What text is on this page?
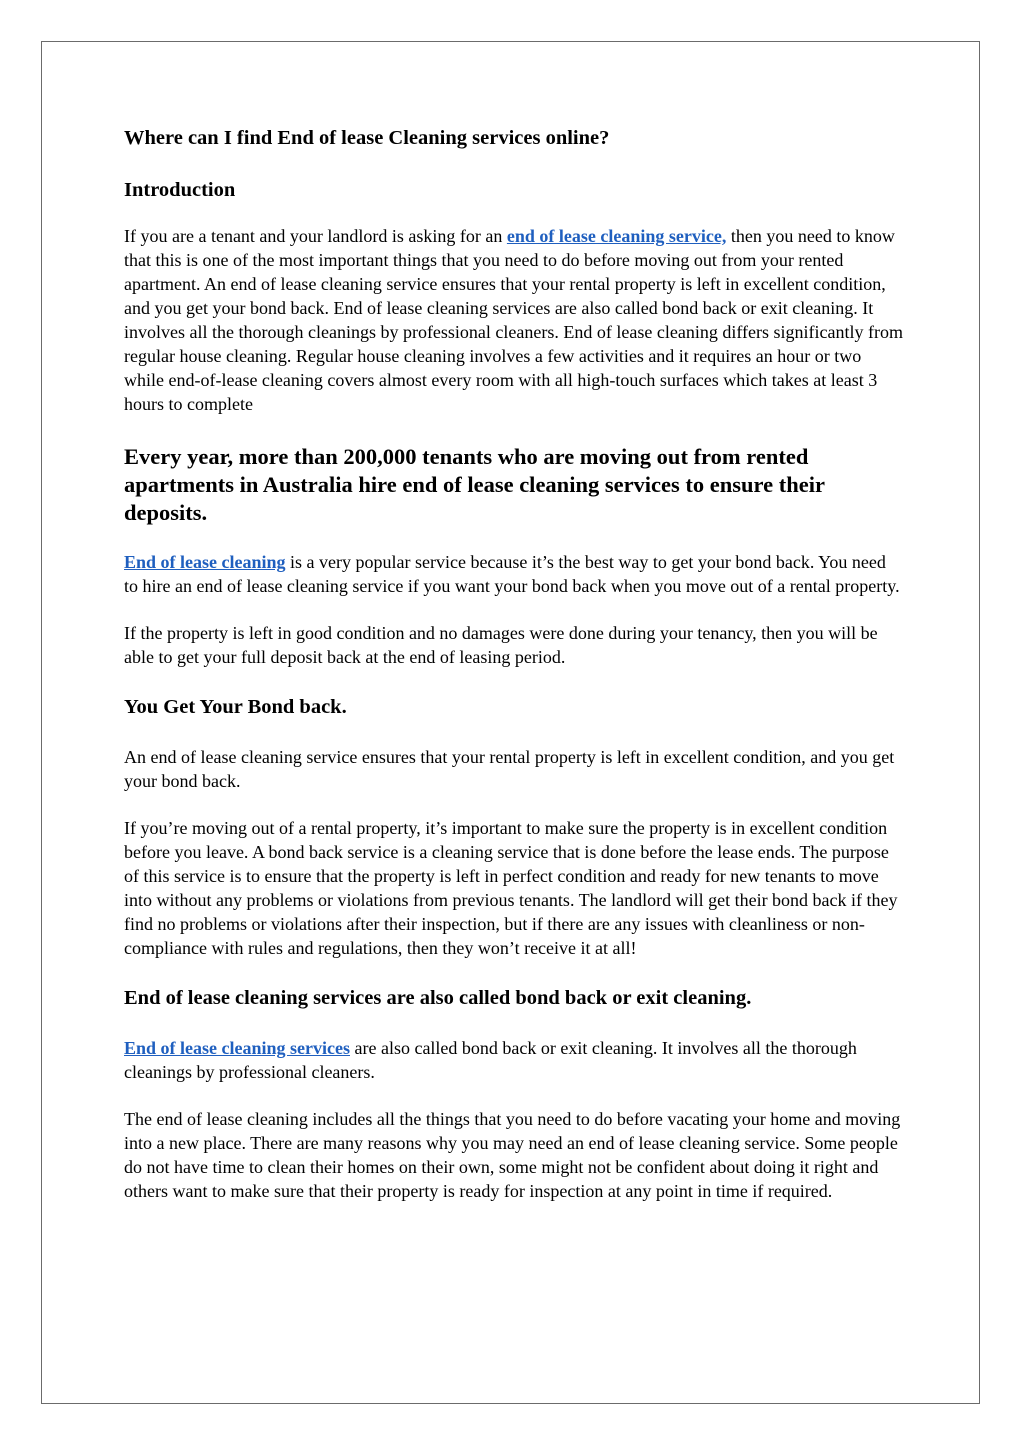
Where can I find End of lease Cleaning services online?
Introduction

If you are a tenant and your landlord is asking for an end of lease cleaning service, then you need to know that this is one of the most important things that you need to do before moving out from your rented apartment. An end of lease cleaning service ensures that your rental property is left in excellent condition, and you get your bond back. End of lease cleaning services are also called bond back or exit cleaning. It involves all the thorough cleanings by professional cleaners. End of lease cleaning differs significantly from regular house cleaning. Regular house cleaning involves a few activities and it requires an hour or two while end-of-lease cleaning covers almost every room with all high-touch surfaces which takes at least 3 hours to complete

Every year, more than 200,000 tenants who are moving out from rented apartments in Australia hire end of lease cleaning services to ensure their deposits.

End of lease cleaning is a very popular service because it’s the best way to get your bond back. You need to hire an end of lease cleaning service if you want your bond back when you move out of a rental property.

If the property is left in good condition and no damages were done during your tenancy, then you will be able to get your full deposit back at the end of leasing period.

You Get Your Bond back.

An end of lease cleaning service ensures that your rental property is left in excellent condition, and you get your bond back.

If you’re moving out of a rental property, it’s important to make sure the property is in excellent condition before you leave. A bond back service is a cleaning service that is done before the lease ends. The purpose of this service is to ensure that the property is left in perfect condition and ready for new tenants to move into without any problems or violations from previous tenants. The landlord will get their bond back if they find no problems or violations after their inspection, but if there are any issues with cleanliness or non-compliance with rules and regulations, then they won’t receive it at all!

End of lease cleaning services are also called bond back or exit cleaning.

End of lease cleaning services are also called bond back or exit cleaning. It involves all the thorough cleanings by professional cleaners.

The end of lease cleaning includes all the things that you need to do before vacating your home and moving into a new place. There are many reasons why you may need an end of lease cleaning service. Some people do not have time to clean their homes on their own, some might not be confident about doing it right and others want to make sure that their property is ready for inspection at any point in time if required.
